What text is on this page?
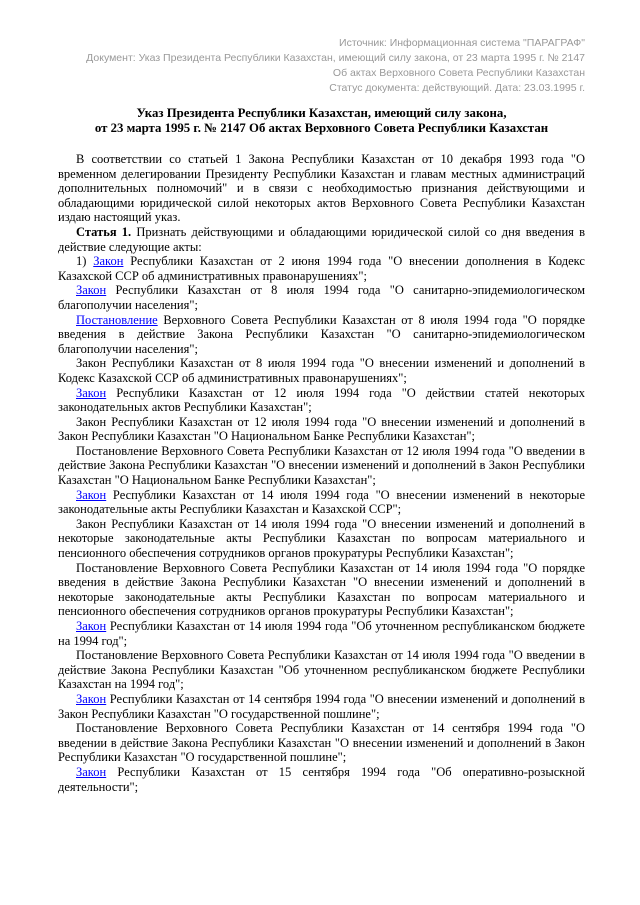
Источник: Информационная система "ПАРАГРАФ"

Документ: Указ Президента Республики Казахстан, имеющий силу закона, от 23 марта 1995 г. № 2147 Об актах Верховного Совета Республики Казахстан

Статус документа: действующий. Дата: 23.03.1995 г.

Указ Президента Республики Казахстан, имеющий силу закона,
от 23 марта 1995 г. № 2147 Об актах Верховного Совета Республики Казахстан

В соответствии со статьей 1 Закона Республики Казахстан от 10 декабря 1993 года "О временном делегировании Президенту Республики Казахстан и главам местных администраций дополнительных полномочий" и в связи с необходимостью признания действующими и обладающими юридической силой некоторых актов Верховного Совета Республики Казахстан издаю настоящий указ.

Статья 1. Признать действующими и обладающими юридической силой со дня введения в действие следующие акты:

1) Закон Республики Казахстан от 2 июня 1994 года "О внесении дополнения в Кодекс Казахской ССР об административных правонарушениях";

Закон Республики Казахстан от 8 июля 1994 года "О санитарно-эпидемиологическом благополучии населения";

Постановление Верховного Совета Республики Казахстан от 8 июля 1994 года "О порядке введения в действие Закона Республики Казахстан "О санитарно-эпидемиологическом благополучии населения";

Закон Республики Казахстан от 8 июля 1994 года "О внесении изменений и дополнений в Кодекс Казахской ССР об административных правонарушениях";

Закон Республики Казахстан от 12 июля 1994 года "О действии статей некоторых законодательных актов Республики Казахстан";

Закон Республики Казахстан от 12 июля 1994 года "О внесении изменений и дополнений в Закон Республики Казахстан "О Национальном Банке Республики Казахстан";

Постановление Верховного Совета Республики Казахстан от 12 июля 1994 года "О введении в действие Закона Республики Казахстан "О внесении изменений и дополнений в Закон Республики Казахстан "О Национальном Банке Республики Казахстан";

Закон Республики Казахстан от 14 июля 1994 года "О внесении изменений в некоторые законодательные акты Республики Казахстан и Казахской ССР";

Закон Республики Казахстан от 14 июля 1994 года "О внесении изменений и дополнений в некоторые законодательные акты Республики Казахстан по вопросам материального и пенсионного обеспечения сотрудников органов прокуратуры Республики Казахстан";

Постановление Верховного Совета Республики Казахстан от 14 июля 1994 года "О порядке введения в действие Закона Республики Казахстан "О внесении изменений и дополнений в некоторые законодательные акты Республики Казахстан по вопросам материального и пенсионного обеспечения сотрудников органов прокуратуры Республики Казахстан";

Закон Республики Казахстан от 14 июля 1994 года "Об уточненном республиканском бюджете на 1994 год";

Постановление Верховного Совета Республики Казахстан от 14 июля 1994 года "О введении в действие Закона Республики Казахстан "Об уточненном республиканском бюджете Республики Казахстан на 1994 год";

Закон Республики Казахстан от 14 сентября 1994 года "О внесении изменений и дополнений в Закон Республики Казахстан "О государственной пошлине";

Постановление Верховного Совета Республики Казахстан от 14 сентября 1994 года "О введении в действие Закона Республики Казахстан "О внесении изменений и дополнений в Закон Республики Казахстан "О государственной пошлине";

Закон Республики Казахстан от 15 сентября 1994 года "Об оперативно-розыскной деятельности";
